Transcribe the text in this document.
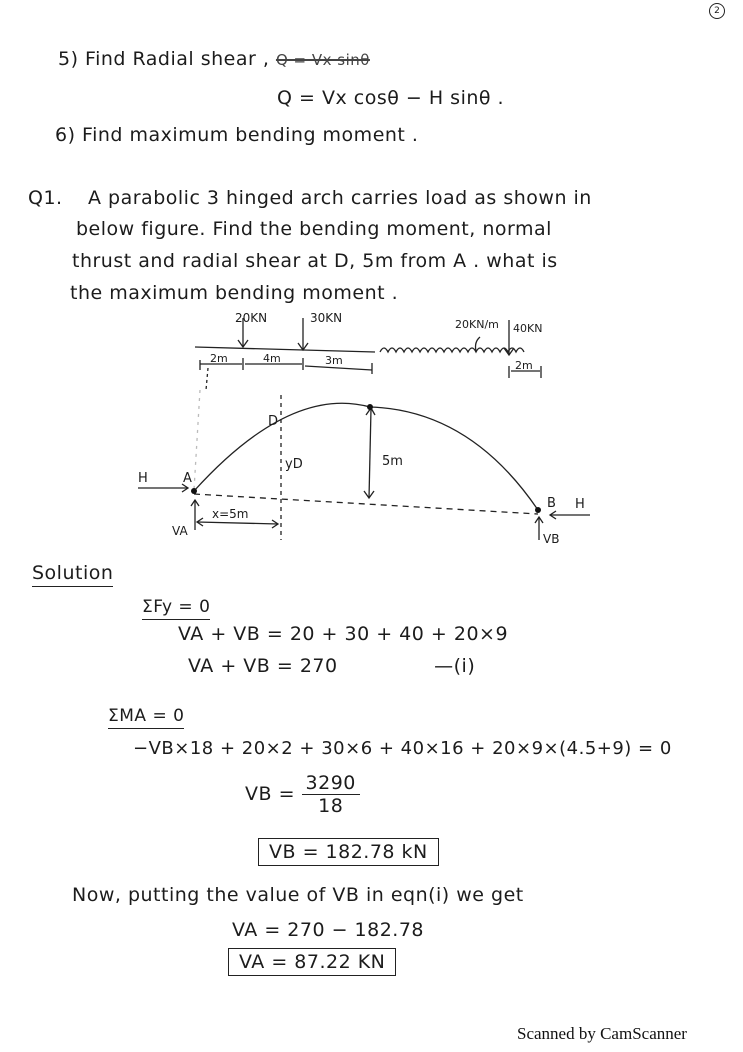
2
5) Find Radial shear , Q = Vx sinθ
Q = Vx cosθ − H sinθ .
6) Find maximum bending moment .
Q1. A parabolic 3 hinged arch carries load as shown in
below figure. Find the bending moment, normal
thrust and radial shear at D, 5m from A . what is
the maximum bending moment .
20KN	30KN	20KN/m 40KN
2m	4m	3m	2m
A
B
D
5m
yD
x=5m
H
H
VA
VB
Solution
ΣFy = 0
VA + VB = 20 + 30 + 40 + 20×9
VA + VB = 270	—(i)
ΣMA = 0
−VB×18 + 20×2 + 30×6 + 40×16 + 20×9×(4.5+9) = 0
VB = $\frac{3290}{18}$
VB = 182.78 kN
Now, putting the value of VB in eqn(i) we get
VA = 270 − 182.78
VA = 87.22 KN
Scanned by CamScanner
